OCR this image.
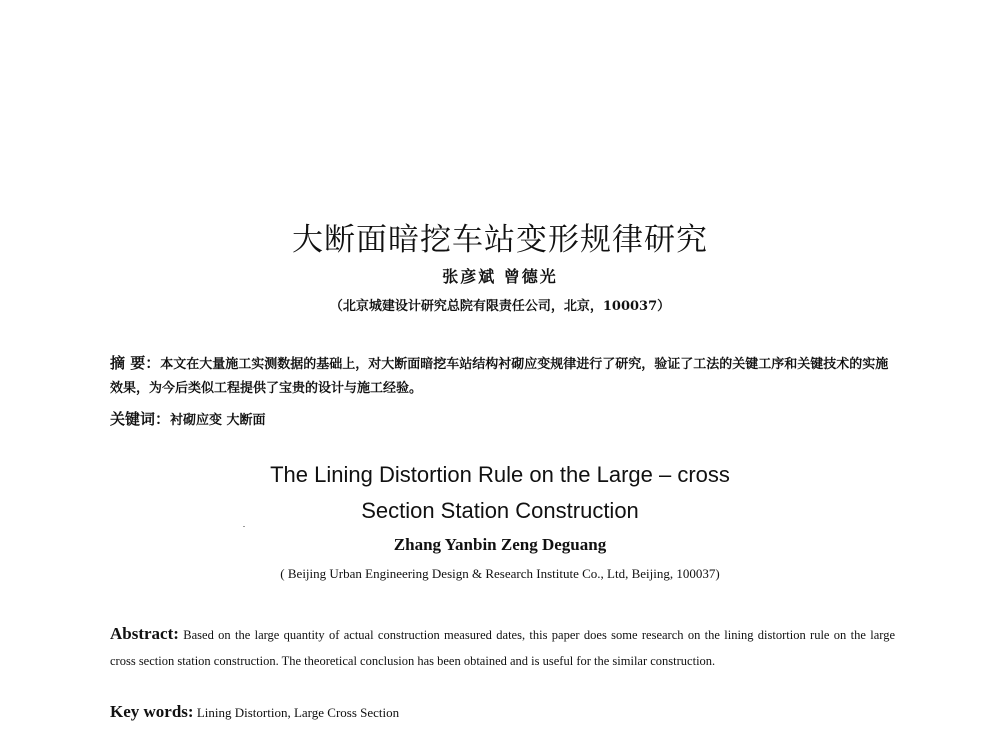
大断面暗挖车站变形规律研究
张彦斌 曾德光
（北京城建设计研究总院有限责任公司，北京，100037）
摘 要：本文在大量施工实测数据的基础上，对大断面暗挖车站结构衬砌应变规律进行了研究，验证了工法的关键工序和关键技术的实施效果，为今后类似工程提供了宝贵的设计与施工经验。
关键词：衬砌应变 大断面
The Lining Distortion Rule on the Large – cross
Section Station Construction
Zhang Yanbin Zeng Deguang
( Beijing Urban Engineering Design & Research Institute Co., Ltd, Beijing, 100037)
Abstract: Based on the large quantity of actual construction measured dates, this paper does some research on the lining distortion rule on the large cross section station construction. The theoretical conclusion has been obtained and is useful for the similar construction.
Key words: Lining Distortion, Large Cross Section
